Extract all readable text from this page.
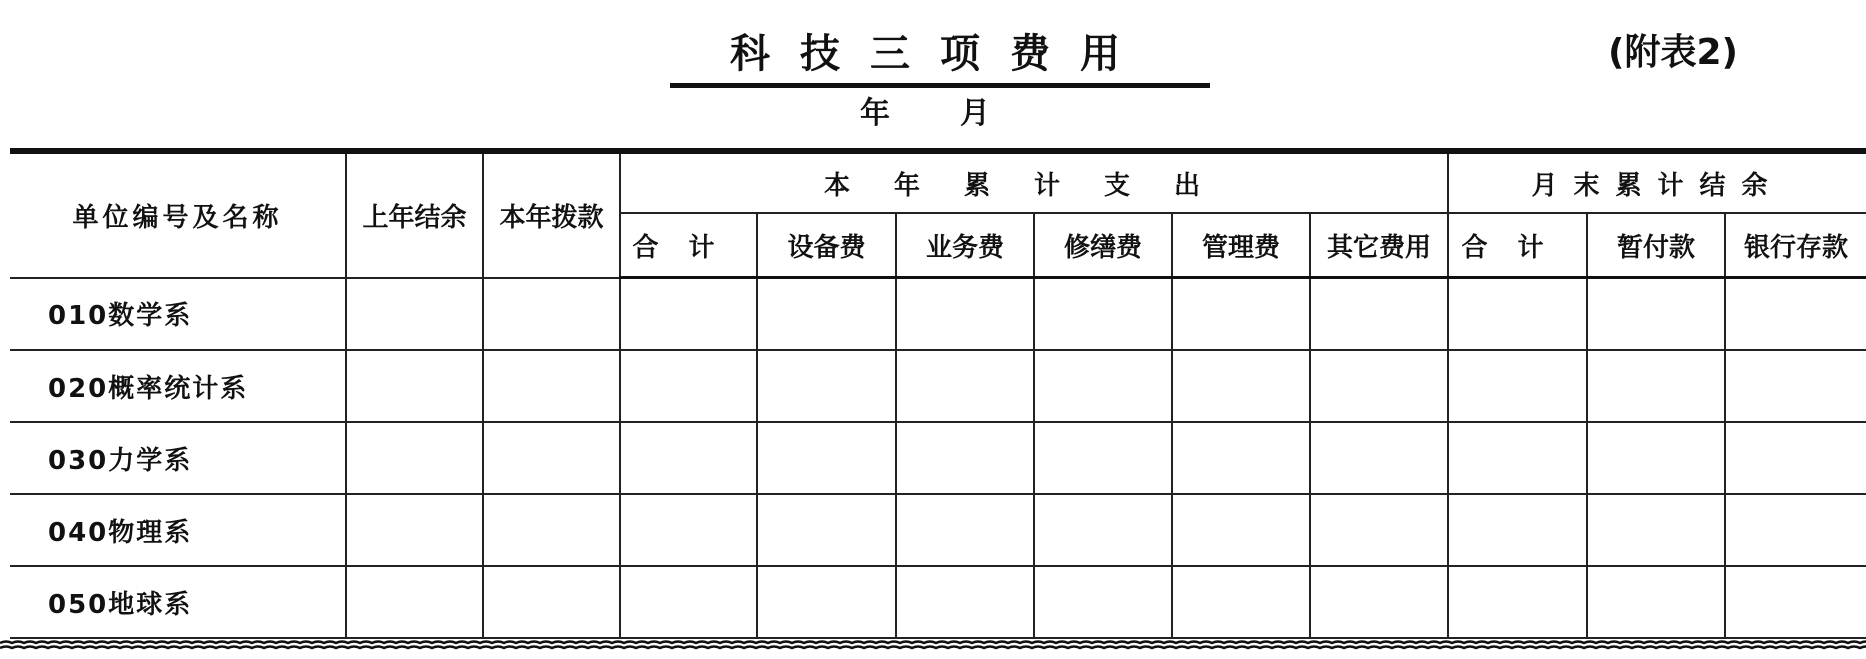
科技三项费用	(附表2)
年月
单位编号及名称	上年结余	本年拨款	本年累计支出						月末累计结余		
			合计	设备费	业务费	修缮费	管理费	其它费用	合计	暂付款	银行存款
010数学系											
020概率统计系											
030力学系											
040物理系											
050地球系											
